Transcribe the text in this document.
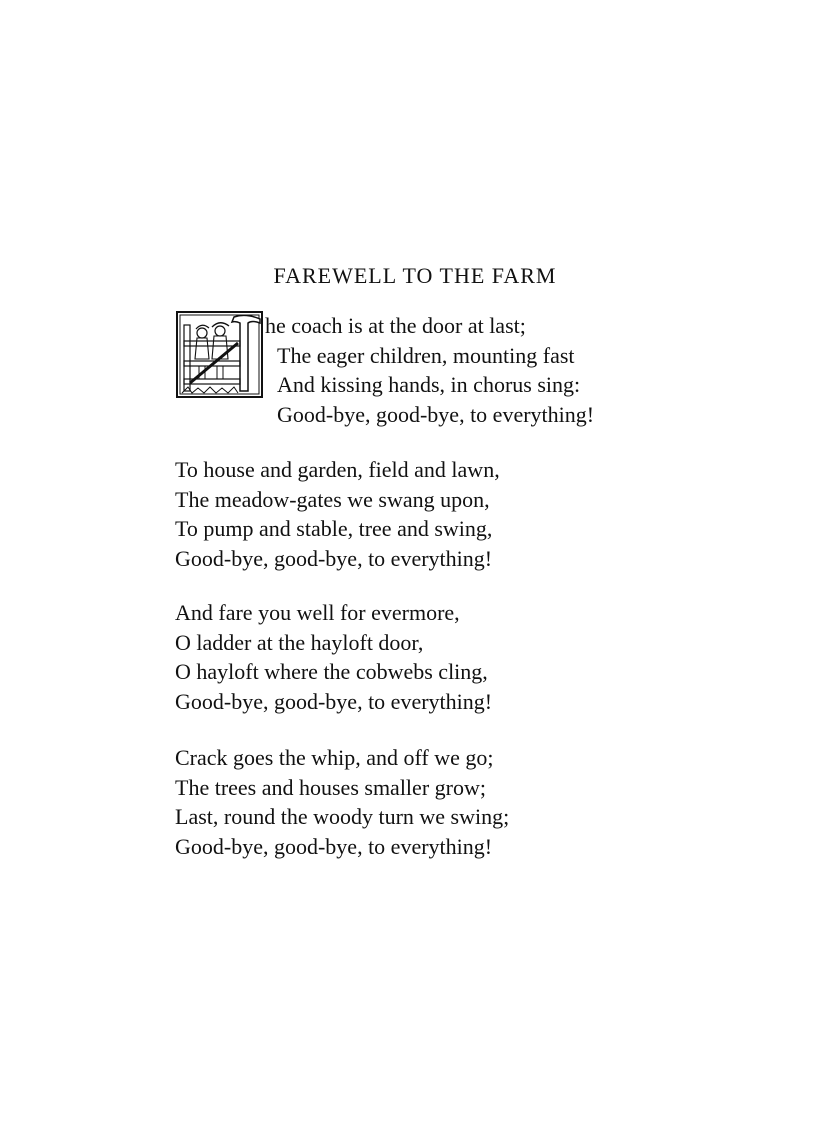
FAREWELL TO THE FARM
he coach is at the door at last;
The eager children, mounting fast
And kissing hands, in chorus sing:
Good-bye, good-bye, to everything!
To house and garden, field and lawn,
The meadow-gates we swang upon,
To pump and stable, tree and swing,
Good-bye, good-bye, to everything!
And fare you well for evermore,
O ladder at the hayloft door,
O hayloft where the cobwebs cling,
Good-bye, good-bye, to everything!
Crack goes the whip, and off we go;
The trees and houses smaller grow;
Last, round the woody turn we swing;
Good-bye, good-bye, to everything!
